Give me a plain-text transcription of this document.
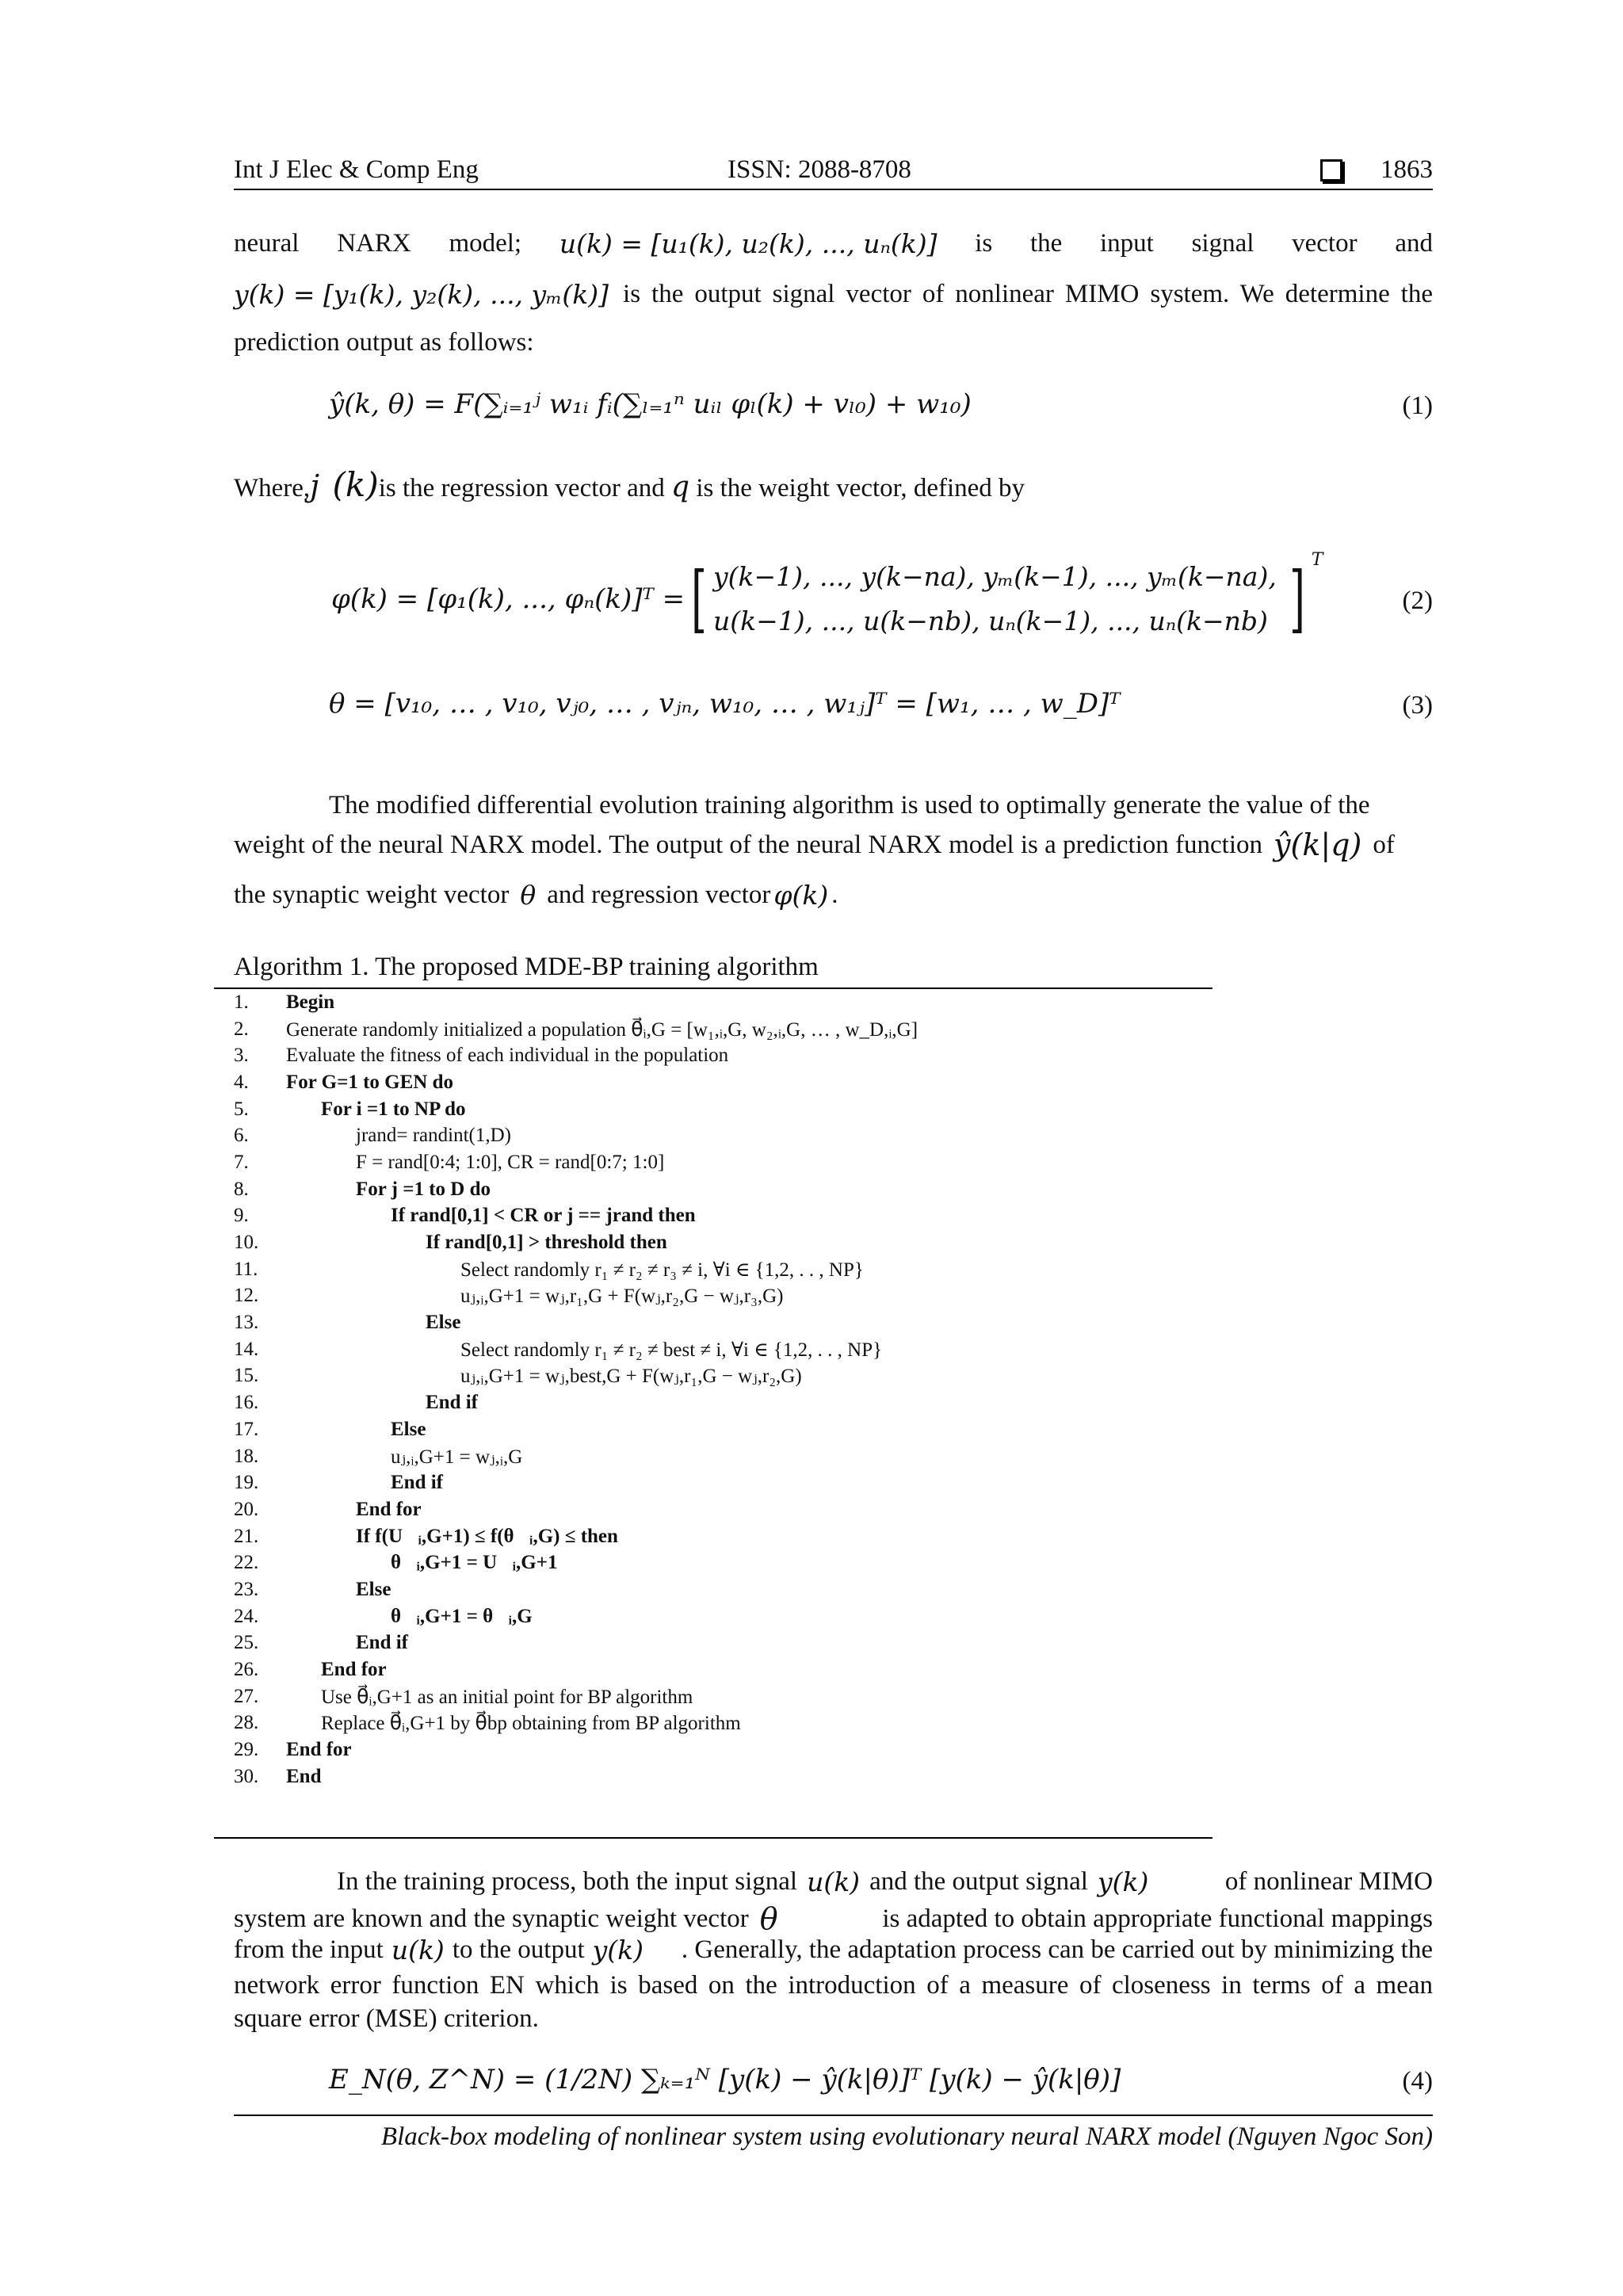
Int J Elec & Comp Eng	ISSN: 2088-8708	1863
neural NARX model; u(k) = [u₁(k), u₂(k), ..., uₙ(k)] is the input signal vector and
y(k) = [y₁(k), y₂(k), ..., yₘ(k)] is the output signal vector of nonlinear MIMO system. We determine the
prediction output as follows:
ŷ(k, θ) = F(∑ᵢ₌₁ʲ w₁ᵢ fᵢ(∑ₗ₌₁ⁿ uᵢₗ φₗ(k) + vₗ₀) + w₁₀)	(1)
Where,j (k)is the regression vector and q is the weight vector, defined by
φ(k) = [φ₁(k), ..., φₙ(k)]ᵀ = [ y(k−1), ..., y(k−na), yₘ(k−1), ..., yₘ(k−na),
u(k−1), ..., u(k−nb), uₙ(k−1), ..., uₙ(k−nb) ] T
(2)
θ = [v₁₀, … , v₁₀, vⱼ₀, … , vⱼₙ, w₁₀, … , w₁ⱼ]ᵀ = [w₁, … , w_D]ᵀ	(3)
The modified differential evolution training algorithm is used to optimally generate the value of the
weight of the neural NARX model. The output of the neural NARX model is a prediction function ŷ(k|q) of
the synaptic weight vector θ and regression vector φ(k) .
Algorithm 1. The proposed MDE-BP training algorithm
1.	Begin
2.	Generate randomly initialized a population θ⃗ᵢ,G = [w₁,ᵢ,G, w₂,ᵢ,G, … , w_D,ᵢ,G]
3.	Evaluate the fitness of each individual in the population
4.	For G=1 to GEN do
5.	For i =1 to NP do
6.	jrand= randint(1,D)
7.	F = rand[0:4; 1:0], CR = rand[0:7; 1:0]
8.	For j =1 to D do
9.	If rand[0,1] < CR or j == jrand then
10.	If rand[0,1] > threshold then
11.	Select randomly r₁ ≠ r₂ ≠ r₃ ≠ i, ∀i ∈ {1,2, . . , NP}
12.	uⱼ,ᵢ,G+1 = wⱼ,r₁,G + F(wⱼ,r₂,G − wⱼ,r₃,G)
13.	Else
14.	Select randomly r₁ ≠ r₂ ≠ best ≠ i, ∀i ∈ {1,2, . . , NP}
15.	uⱼ,ᵢ,G+1 = wⱼ,best,G + F(wⱼ,r₁,G − wⱼ,r₂,G)
16.	End if
17.	Else
18.	uⱼ,ᵢ,G+1 = wⱼ,ᵢ,G
19.	End if
20.	End for
21.	If f(U⃗ᵢ,G+1) ≤ f(θ⃗ᵢ,G) ≤ then
22.	θ⃗ᵢ,G+1 = U⃗ᵢ,G+1
23.	Else
24.	θ⃗ᵢ,G+1 = θ⃗ᵢ,G
25.	End if
26.	End for
27.	Use θ⃗ᵢ,G+1 as an initial point for BP algorithm
28.	Replace θ⃗ᵢ,G+1 by θ⃗bp obtaining from BP algorithm
29.	End for
30.	End
In the training process, both the input signal u(k) and the output signal y(k)	of nonlinear MIMO
system are known and the synaptic weight vector θ	is adapted to obtain appropriate functional mappings
from the input u(k) to the output y(k)	. Generally, the adaptation process can be carried out by minimizing the
network error function EN which is based on the introduction of a measure of closeness in terms of a mean
square error (MSE) criterion.
E_N(θ, Z^N) = (1/2N) ∑ₖ₌₁ᴺ [y(k) − ŷ(k|θ)]ᵀ [y(k) − ŷ(k|θ)]	(4)
Black-box modeling of nonlinear system using evolutionary neural NARX model (Nguyen Ngoc Son)
